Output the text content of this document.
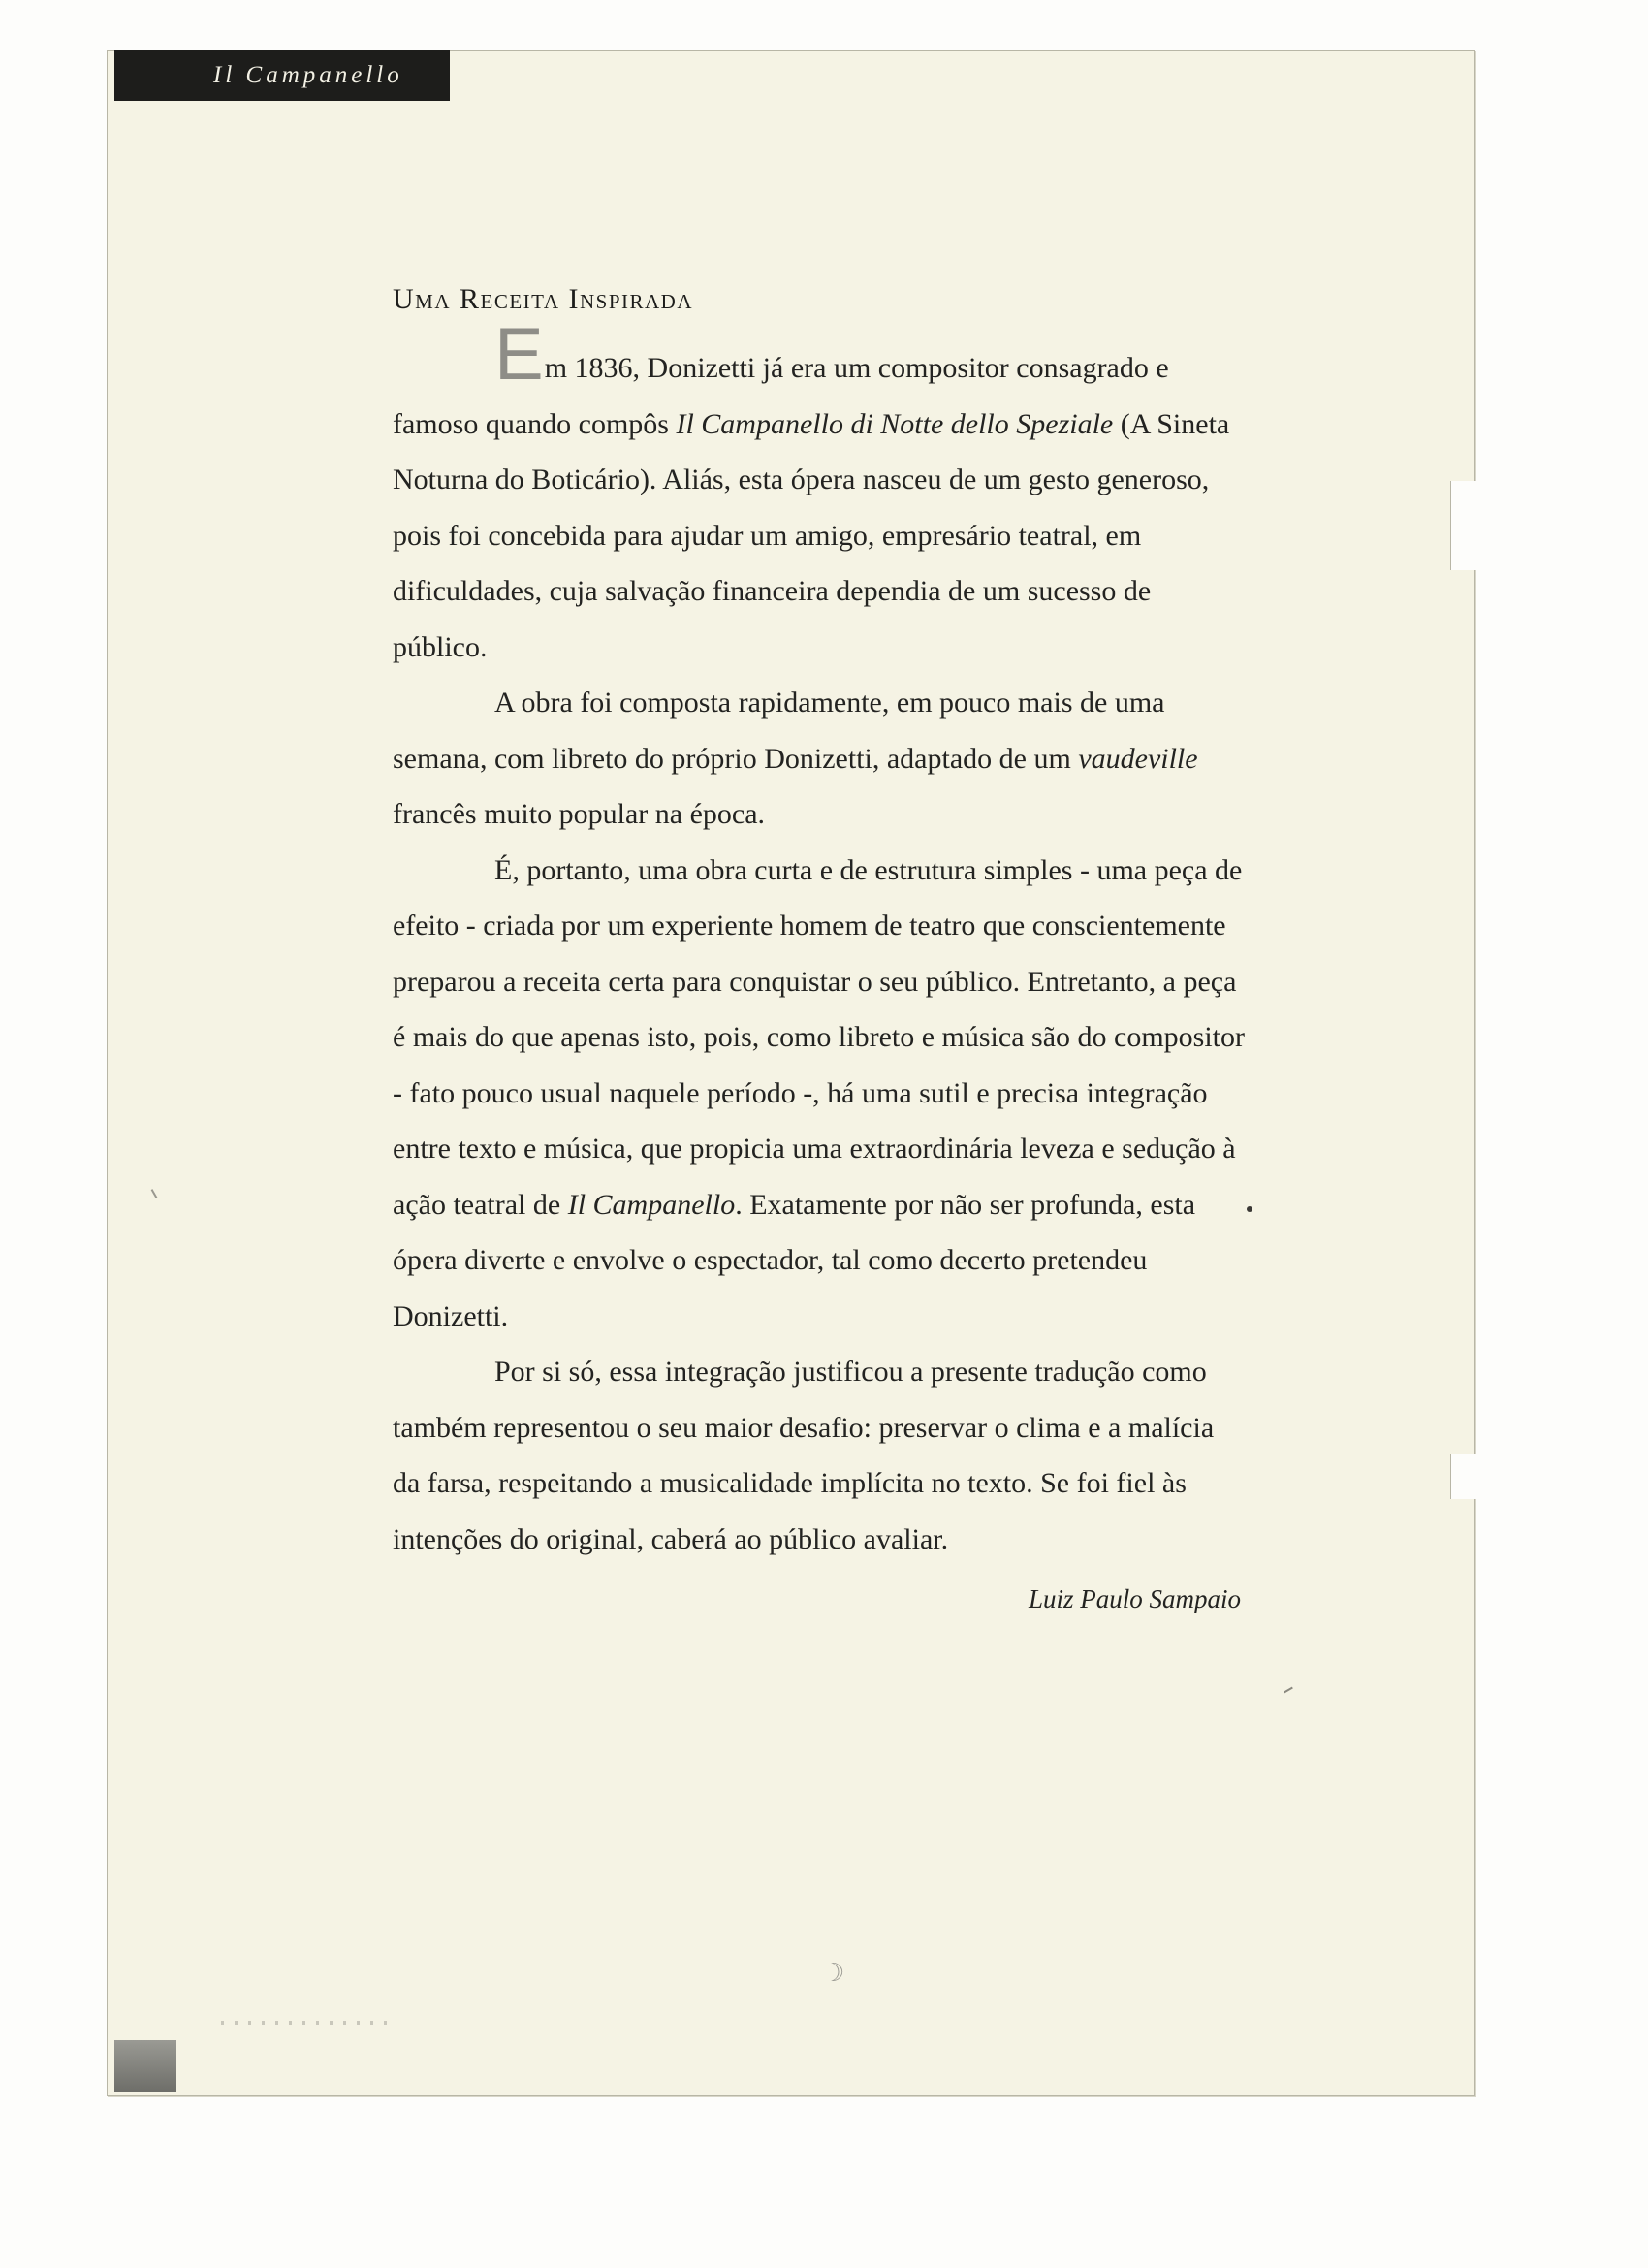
Il Campanello
Uma Receita Inspirada

Em 1836, Donizetti já era um compositor consagrado e famoso quando compôs Il Campanello di Notte dello Speziale (A Sineta Noturna do Boticário). Aliás, esta ópera nasceu de um gesto generoso, pois foi concebida para ajudar um amigo, empresário teatral, em dificuldades, cuja salvação financeira dependia de um sucesso de público.

A obra foi composta rapidamente, em pouco mais de uma semana, com libreto do próprio Donizetti, adaptado de um vaudeville francês muito popular na época.

É, portanto, uma obra curta e de estrutura simples - uma peça de efeito - criada por um experiente homem de teatro que conscientemente preparou a receita certa para conquistar o seu público. Entretanto, a peça é mais do que apenas isto, pois, como libreto e música são do compositor - fato pouco usual naquele período -, há uma sutil e precisa integração entre texto e música, que propicia uma extraordinária leveza e sedução à ação teatral de Il Campanello. Exatamente por não ser profunda, esta ópera diverte e envolve o espectador, tal como decerto pretendeu Donizetti.

Por si só, essa integração justificou a presente tradução como também representou o seu maior desafio: preservar o clima e a malícia da farsa, respeitando a musicalidade implícita no texto. Se foi fiel às intenções do original, caberá ao público avaliar.

Luiz Paulo Sampaio
☽
